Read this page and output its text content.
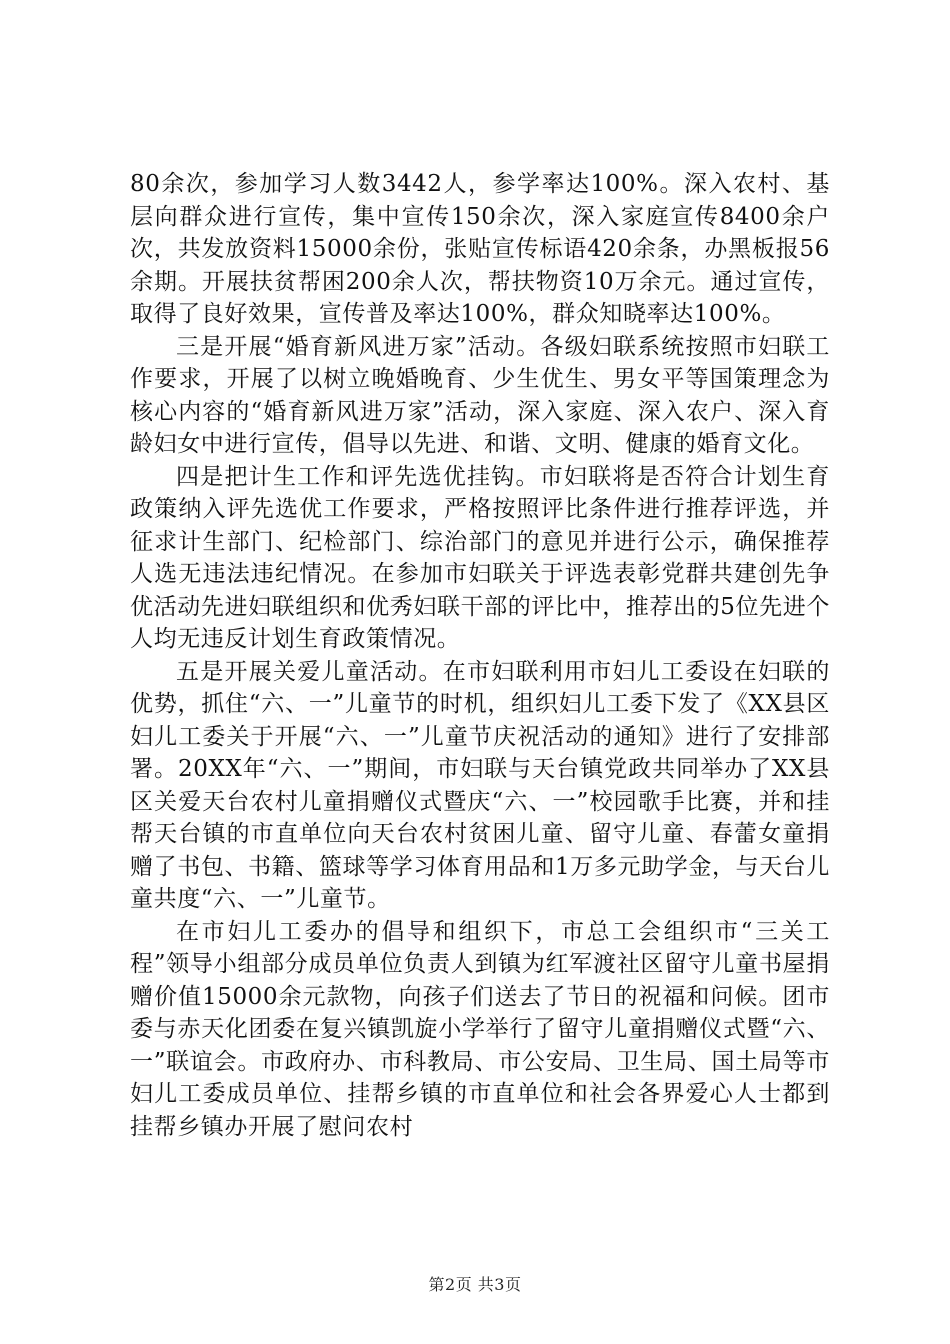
80余次，参加学习人数3442人，参学率达100%。深入农村、基层向群众进行宣传，集中宣传150余次，深入家庭宣传8400余户次，共发放资料15000余份，张贴宣传标语420余条，办黑板报56余期。开展扶贫帮困200余人次，帮扶物资10万余元。通过宣传，取得了良好效果，宣传普及率达100%，群众知晓率达100%。

三是开展“婚育新风进万家”活动。各级妇联系统按照市妇联工作要求，开展了以树立晚婚晚育、少生优生、男女平等国策理念为核心内容的“婚育新风进万家”活动，深入家庭、深入农户、深入育龄妇女中进行宣传，倡导以先进、和谐、文明、健康的婚育文化。

四是把计生工作和评先选优挂钩。市妇联将是否符合计划生育政策纳入评先选优工作要求，严格按照评比条件进行推荐评选，并征求计生部门、纪检部门、综治部门的意见并进行公示，确保推荐人选无违法违纪情况。在参加市妇联关于评选表彰党群共建创先争优活动先进妇联组织和优秀妇联干部的评比中，推荐出的5位先进个人均无违反计划生育政策情况。

五是开展关爱儿童活动。在市妇联利用市妇儿工委设在妇联的优势，抓住“六、一”儿童节的时机，组织妇儿工委下发了《XX县区妇儿工委关于开展“六、一”儿童节庆祝活动的通知》进行了安排部署。20XX年“六、一”期间，市妇联与天台镇党政共同举办了XX县区关爱天台农村儿童捐赠仪式暨庆“六、一”校园歌手比赛，并和挂帮天台镇的市直单位向天台农村贫困儿童、留守儿童、春蕾女童捐赠了书包、书籍、篮球等学习体育用品和1万多元助学金，与天台儿童共度“六、一”儿童节。

在市妇儿工委办的倡导和组织下，市总工会组织市“三关工程”领导小组部分成员单位负责人到镇为红军渡社区留守儿童书屋捐赠价值15000余元款物，向孩子们送去了节日的祝福和问候。团市委与赤天化团委在复兴镇凯旋小学举行了留守儿童捐赠仪式暨“六、一”联谊会。市政府办、市科教局、市公安局、卫生局、国土局等市妇儿工委成员单位、挂帮乡镇的市直单位和社会各界爱心人士都到挂帮乡镇办开展了慰问农村

第2页 共3页
